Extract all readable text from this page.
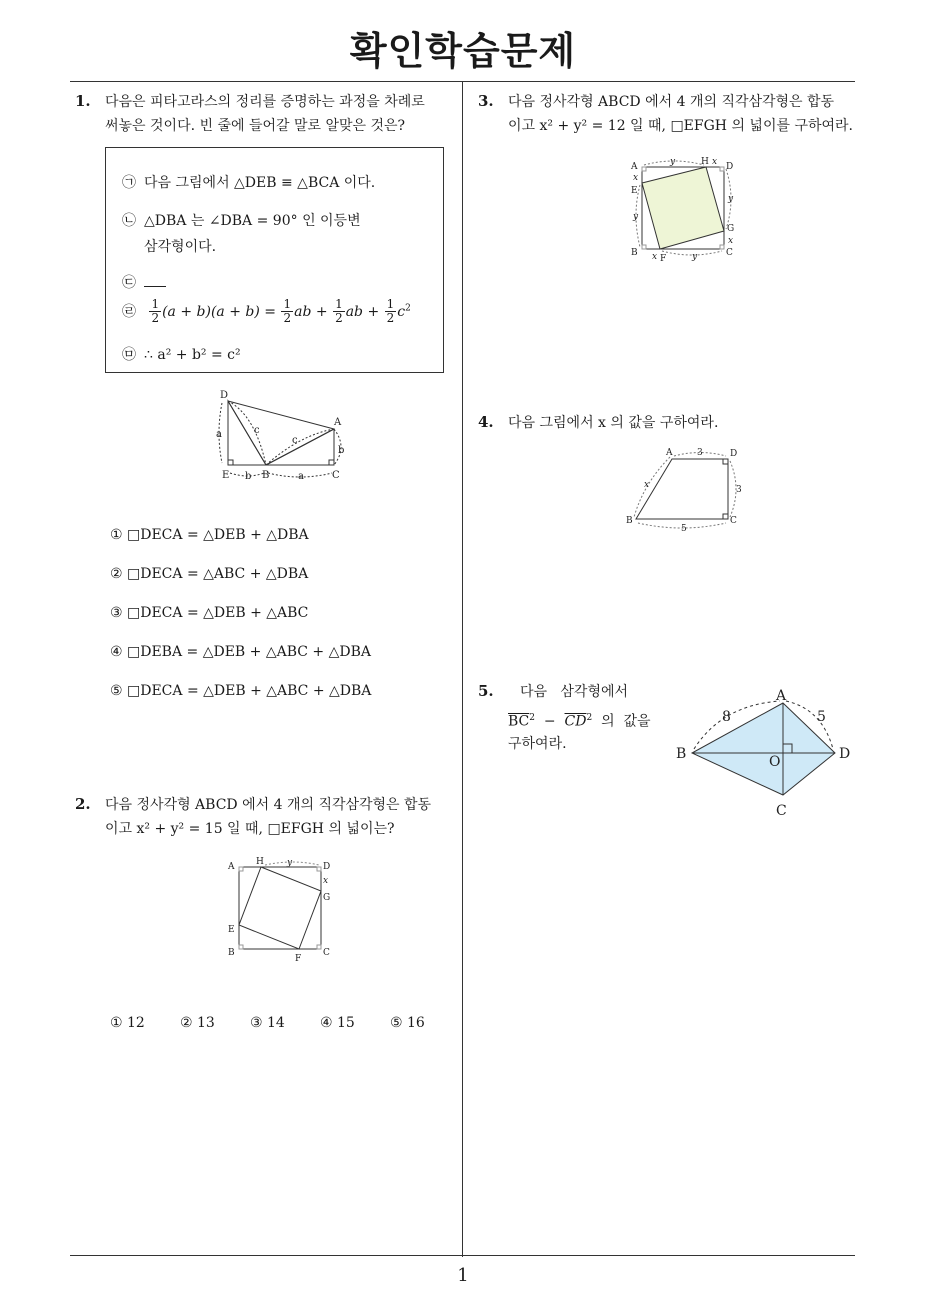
확인학습문제
1
1. 다음은 피타고라스의 정리를 증명하는 과정을 차례로
써놓은 것이다. 빈 줄에 들어갈 말로 알맞은 것은?
㉠ 다음 그림에서 △DEB ≡ △BCA 이다.
㉡ △DBA 는 ∠DBA = 90° 인 이등변
삼각형이다.
㉢
㉣ $\frac{1}{2} (a + b)(a + b) = \frac{1}{2}$ ab + $\frac{1}{2}$ ab + $\frac{1}{2} c^2$
㉤ ∴ a² + b² = c²
D
E	B	C
A
a
b	a
b
c
c
① □DECA = △DEB + △DBA
② □DECA = △ABC + △DBA
③ □DECA = △DEB + △ABC
④ □DEBA = △DEB + △ABC + △DBA
⑤ □DECA = △DEB + △ABC + △DBA
2. 다음 정사각형 ABCD 에서 4 개의 직각삼각형은 합동
이고 x² + y² = 15 일 때, □EFGH 의 넓이는?
A H	D
G
E
B
F
C
y
x
① 12	② 13	③ 14	④ 15	⑤ 16
3. 다음 정사각형 ABCD 에서 4 개의 직각삼각형은 합동
이고 x² + y² = 12 일 때, □EFGH 의 넓이를 구하여라.
A	H D
E
G
B
F
C
y	x
x
y
y
x
x	y
4. 다음 그림에서 x 의 값을 구하여라.
A	D
B	C
3
3
5
x
5. 다음   삼각형에서
$\overline{BC}^2 - \overline{CD}^2$  의  값을
구하여라.
A
B	D
C
O
8	5
